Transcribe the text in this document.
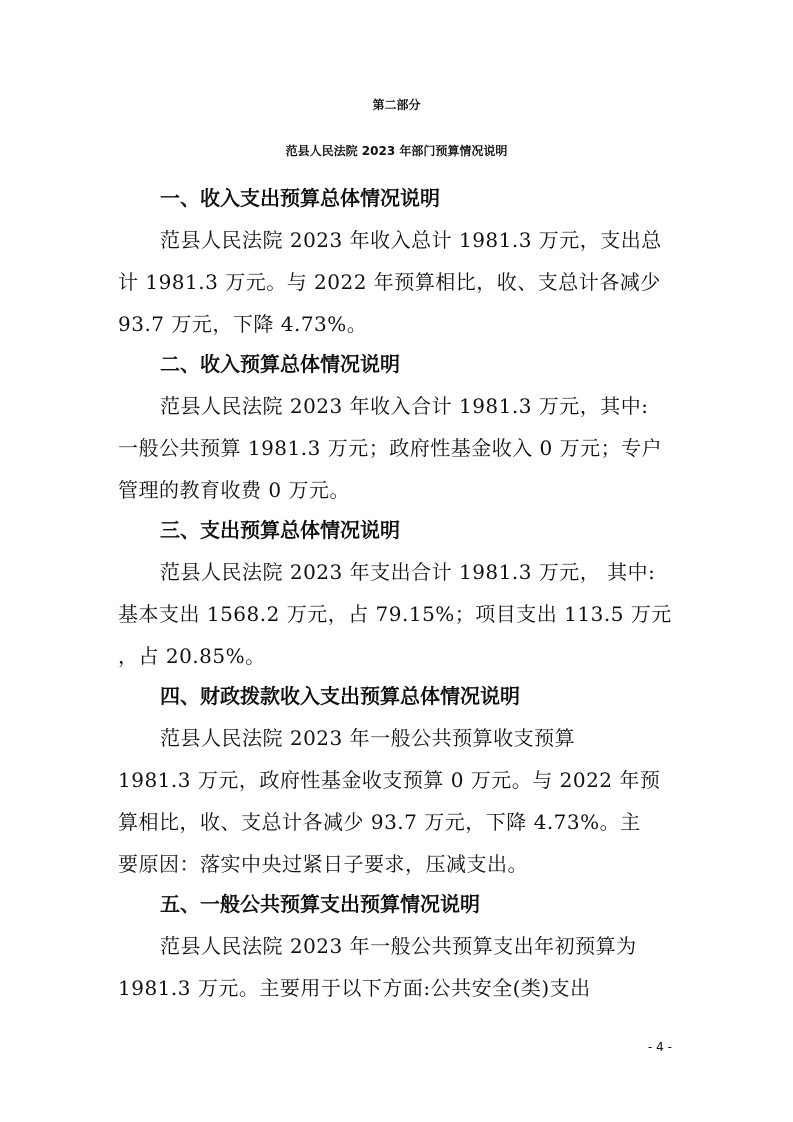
第二部分
范县人民法院 2023 年部门预算情况说明
一、收入支出预算总体情况说明
范县人民法院 2023 年收入总计 1981.3 万元，支出总
计 1981.3 万元。与 2022 年预算相比，收、支总计各减少
93.7 万元，下降 4.73%。
二、收入预算总体情况说明
范县人民法院 2023 年收入合计 1981.3 万元，其中:
一般公共预算 1981.3 万元；政府性基金收入 0 万元；专户
管理的教育收费 0 万元。
三、支出预算总体情况说明
范县人民法院 2023 年支出合计 1981.3 万元， 其中:
基本支出 1568.2 万元，占 79.15%；项目支出 113.5 万元
，占 20.85%。
四、财政拨款收入支出预算总体情况说明
范县人民法院 2023 年一般公共预算收支预算
1981.3 万元，政府性基金收支预算 0 万元。与 2022 年预
算相比，收、支总计各减少 93.7 万元，下降 4.73%。主
要原因：落实中央过紧日子要求，压减支出。
五、一般公共预算支出预算情况说明
范县人民法院 2023 年一般公共预算支出年初预算为
1981.3 万元。主要用于以下方面:公共安全(类)支出
- 4 -
